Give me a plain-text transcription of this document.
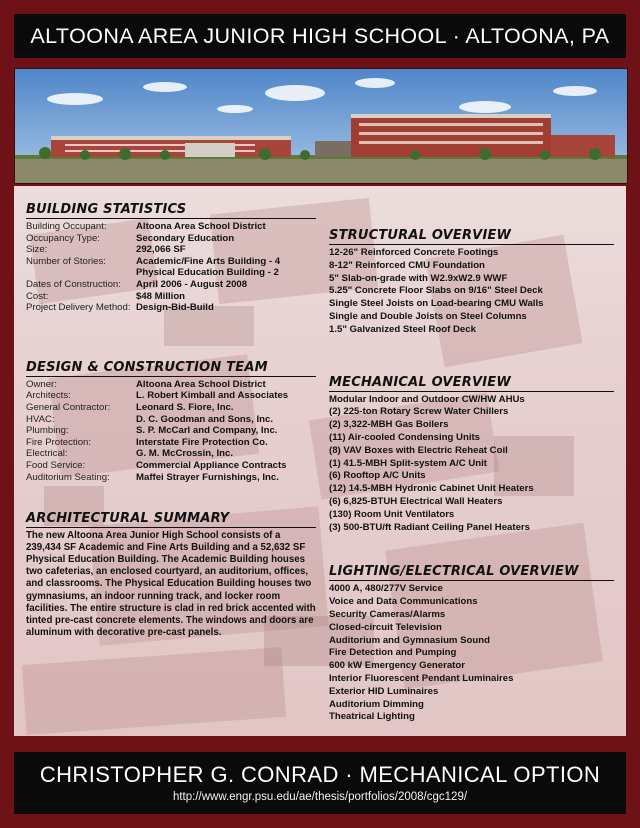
ALTOONA AREA JUNIOR HIGH SCHOOL · ALTOONA, PA
BUILDING STATISTICS
Building Occupant:	Altoona Area School District
Occupancy Type:	Secondary Education
Size:	292,066 SF
Number of Stories:	Academic/Fine Arts Building - 4
Physical Education Building - 2
Dates of Construction:	April 2006 - August 2008
Cost:	$48 Million
Project Delivery Method: Design-Bid-Build
DESIGN & CONSTRUCTION TEAM
Owner:	Altoona Area School District
Architects:	L. Robert Kimball and Associates
General Contractor:	Leonard S. Fiore, Inc.
HVAC:	D. C. Goodman and Sons, Inc.
Plumbing:	S. P. McCarl and Company, Inc.
Fire Protection:	Interstate Fire Protection Co.
Electrical:	G. M. McCrossin, Inc.
Food Service:	Commercial Appliance Contracts
Auditorium Seating:	Maffei Strayer Furnishings, Inc.
ARCHITECTURAL SUMMARY

The new Altoona Area Junior High School consists of a 239,434 SF Academic and Fine Arts Building and a 52,632 SF Physical Education Building. The Academic Building houses two cafeterias, an enclosed courtyard, an auditorium, offices, and classrooms. The Physical Education Building houses two gymnasiums, an indoor running track, and locker room facilities. The entire structure is clad in red brick accented with tinted pre-cast concrete elements. The windows and doors are aluminum with decorative pre-cast panels.

STRUCTURAL OVERVIEW
12-26" Reinforced Concrete Footings
8-12" Reinforced CMU Foundation
5" Slab-on-grade with W2.9xW2.9 WWF
5.25" Concrete Floor Slabs on 9/16" Steel Deck
Single Steel Joists on Load-bearing CMU Walls
Single and Double Joists on Steel Columns
1.5" Galvanized Steel Roof Deck
MECHANICAL OVERVIEW
Modular Indoor and Outdoor CW/HW AHUs
(2) 225-ton Rotary Screw Water Chillers
(2) 3,322-MBH Gas Boilers
(11) Air-cooled Condensing Units
(8) VAV Boxes with Electric Reheat Coil
(1) 41.5-MBH Split-system A/C Unit
(6) Rooftop A/C Units
(12) 14.5-MBH Hydronic Cabinet Unit Heaters
(6) 6,825-BTUH Electrical Wall Heaters
(130) Room Unit Ventilators
(3) 500-BTU/ft Radiant Ceiling Panel Heaters
LIGHTING/ELECTRICAL OVERVIEW
4000 A, 480/277V Service
Voice and Data Communications
Security Cameras/Alarms
Closed-circuit Television
Auditorium and Gymnasium Sound
Fire Detection and Pumping
600 kW Emergency Generator
Interior Fluorescent Pendant Luminaires
Exterior HID Luminaires
Auditorium Dimming
Theatrical Lighting
CHRISTOPHER G. CONRAD · MECHANICAL OPTION
http://www.engr.psu.edu/ae/thesis/portfolios/2008/cgc129/
